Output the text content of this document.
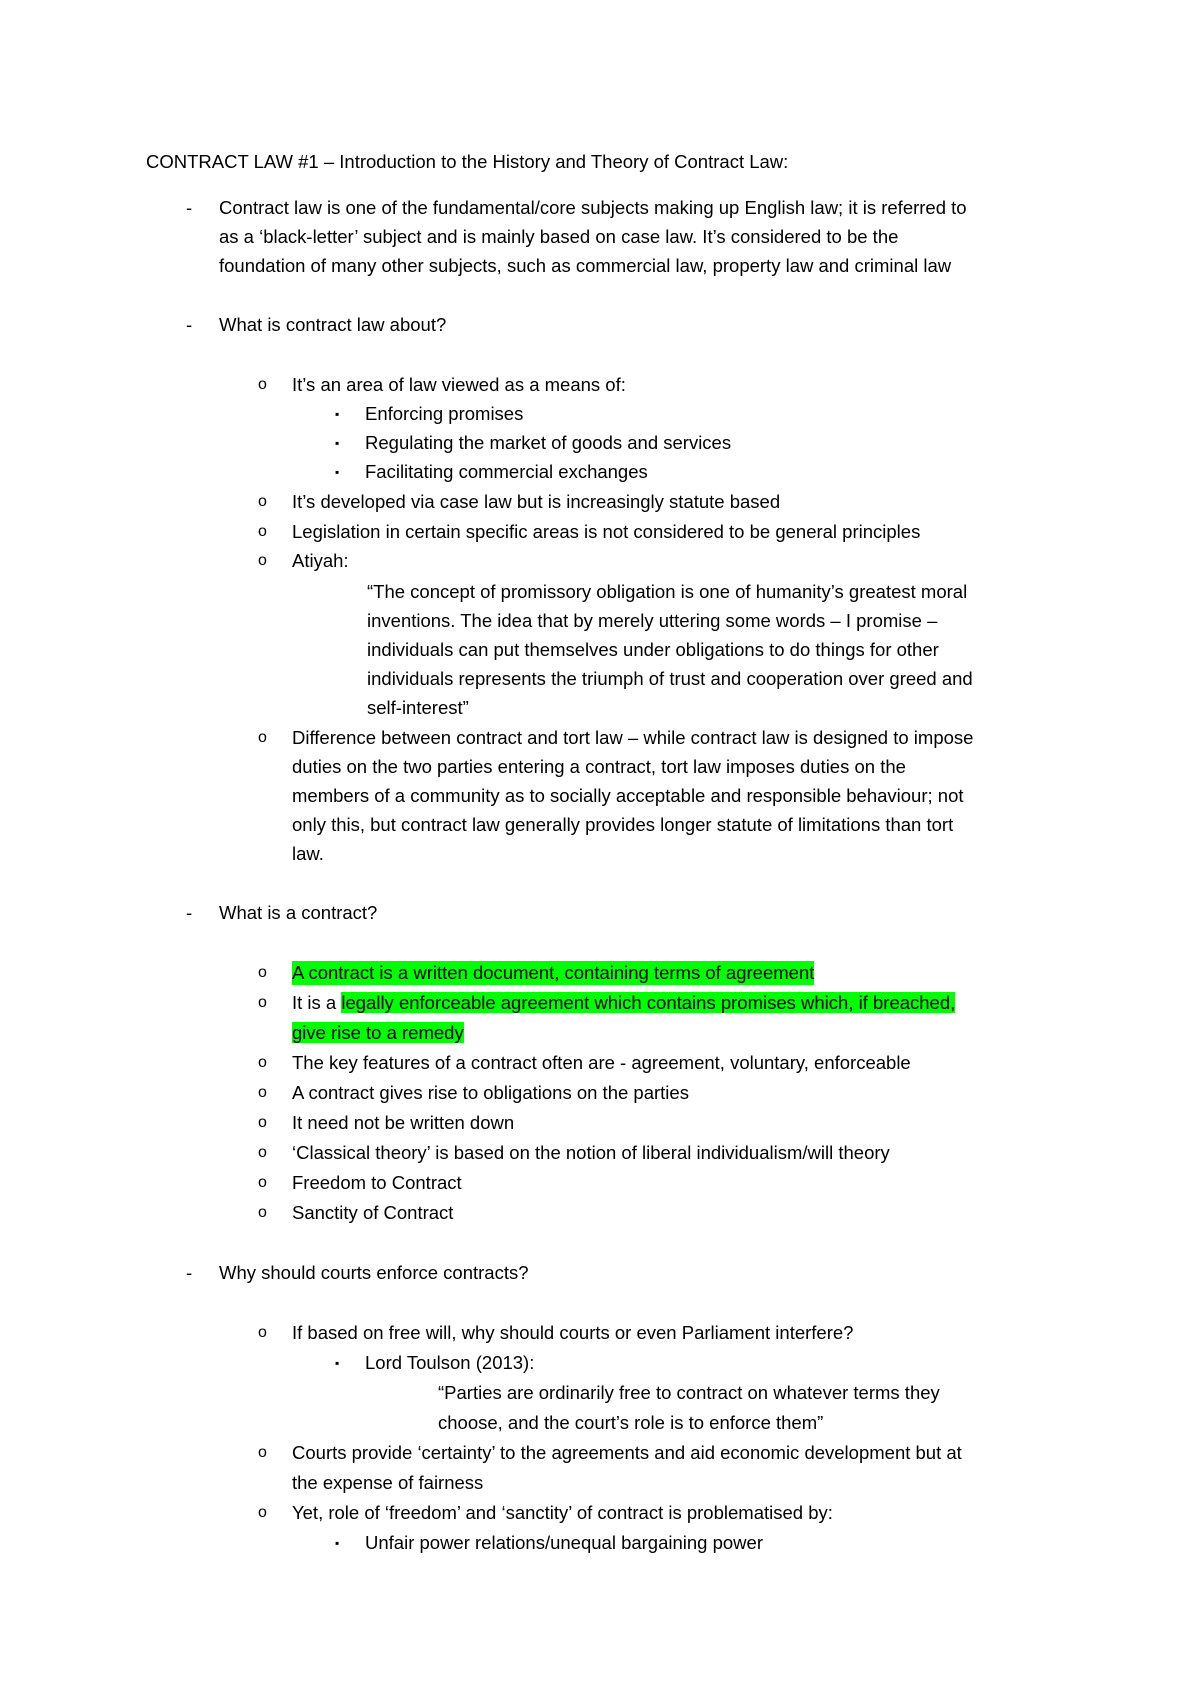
CONTRACT LAW #1 – Introduction to the History and Theory of Contract Law:
- Contract law is one of the fundamental/core subjects making up English law; it is referred to
as a ‘black-letter’ subject and is mainly based on case law. It’s considered to be the
foundation of many other subjects, such as commercial law, property law and criminal law
- What is contract law about?
o It’s an area of law viewed as a means of:
▪ Enforcing promises
▪ Regulating the market of goods and services
▪ Facilitating commercial exchanges
o It’s developed via case law but is increasingly statute based
o Legislation in certain specific areas is not considered to be general principles
o Atiyah:
“The concept of promissory obligation is one of humanity’s greatest moral
inventions. The idea that by merely uttering some words – I promise –
individuals can put themselves under obligations to do things for other
individuals represents the triumph of trust and cooperation over greed and
self-interest”
o Difference between contract and tort law – while contract law is designed to impose
duties on the two parties entering a contract, tort law imposes duties on the
members of a community as to socially acceptable and responsible behaviour; not
only this, but contract law generally provides longer statute of limitations than tort
law.
- What is a contract?
o A contract is a written document, containing terms of agreement
o It is a legally enforceable agreement which contains promises which, if breached,
give rise to a remedy
o The key features of a contract often are - agreement, voluntary, enforceable
o A contract gives rise to obligations on the parties
o It need not be written down
o ‘Classical theory’ is based on the notion of liberal individualism/will theory
o Freedom to Contract
o Sanctity of Contract
- Why should courts enforce contracts?
o If based on free will, why should courts or even Parliament interfere?
▪ Lord Toulson (2013):
“Parties are ordinarily free to contract on whatever terms they
choose, and the court’s role is to enforce them”
o Courts provide ‘certainty’ to the agreements and aid economic development but at
the expense of fairness
o Yet, role of ‘freedom’ and ‘sanctity’ of contract is problematised by:
▪ Unfair power relations/unequal bargaining power
